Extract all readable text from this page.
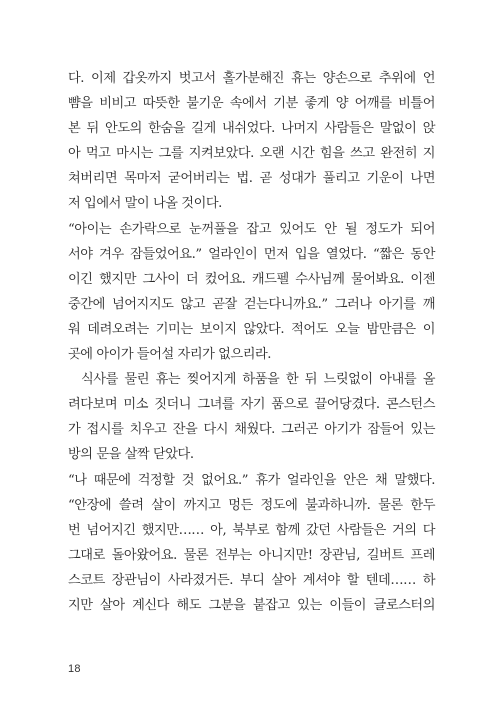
다. 이제 갑옷까지 벗고서 홀가분해진 휴는 양손으로 추위에 언
뺨을 비비고 따뜻한 불기운 속에서 기분 좋게 양 어깨를 비틀어
본 뒤 안도의 한숨을 길게 내쉬었다. 나머지 사람들은 말없이 앉
아 먹고 마시는 그를 지켜보았다. 오랜 시간 힘을 쓰고 완전히 지
쳐버리면 목마저 굳어버리는 법. 곧 성대가 풀리고 기운이 나면
저 입에서 말이 나올 것이다.
“아이는 손가락으로 눈꺼풀을 잡고 있어도 안 될 정도가 되어
서야 겨우 잠들었어요.” 얼라인이 먼저 입을 열었다. “짧은 동안
이긴 했지만 그사이 더 컸어요. 캐드펠 수사님께 물어봐요. 이젠
중간에 넘어지지도 않고 곧잘 걷는다니까요.” 그러나 아기를 깨
워 데려오려는 기미는 보이지 않았다. 적어도 오늘 밤만큼은 이
곳에 아이가 들어설 자리가 없으리라.
식사를 물린 휴는 찢어지게 하품을 한 뒤 느릿없이 아내를 올
려다보며 미소 짓더니 그녀를 자기 품으로 끌어당겼다. 콘스턴스
가 접시를 치우고 잔을 다시 채웠다. 그러곤 아기가 잠들어 있는
방의 문을 살짝 닫았다.
“나 때문에 걱정할 것 없어요.” 휴가 얼라인을 안은 채 말했다.
“안장에 쓸려 살이 까지고 멍든 정도에 불과하니까. 물론 한두
번 넘어지긴 했지만…… 아, 북부로 함께 갔던 사람들은 거의 다
그대로 돌아왔어요. 물론 전부는 아니지만! 장관님, 길버트 프레
스코트 장관님이 사라졌거든. 부디 살아 계셔야 할 텐데…… 하
지만 살아 계신다 해도 그분을 붙잡고 있는 이들이 글로스터의
18
